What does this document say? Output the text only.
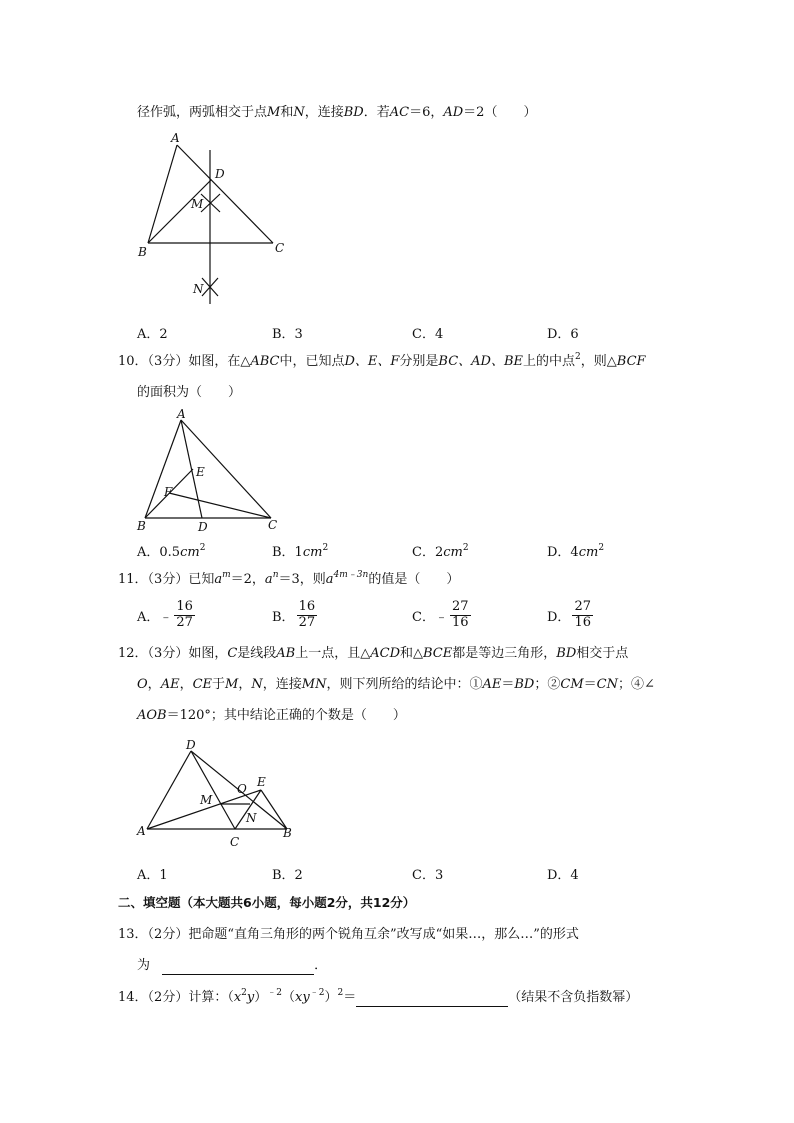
径作弧，两弧相交于点M和N，连接BD．若AC＝6，AD＝2（　　）
A
D
M
B	C
N
A．2	B．3	C．4	D．6
10．（3分）如图，在△ABC中，已知点D、E、F分别是BC、AD、BE上的中点$^2$，则△BCF
的面积为（　　）
A
E
F
B	D	C
A．$0.5cm^2$	B．$1cm^2$	C．$2cm^2$	D．$4cm^2$
11．（3分）已知$a^m=2$，$a^n=3$，则$a^{4m﹣3n}$的值是（　　）
A．﹣ $\frac{16}{27}$	B． $\frac{16}{27}$	C．﹣ $\frac{27}{16}$	D． $\frac{27}{16}$
12．（3分）如图，C是线段AB上一点，且△ACD和△BCE都是等边三角形，BD相交于点
O，AE，CE于M，N，连接MN，则下列所给的结论中：①AE＝BD；②CM＝CN；④∠
AOB＝120°；其中结论正确的个数是（　　）
D
E
O
M
N
A
C
B
A．1	B．2	C．3	D．4
二、填空题（本大题共6小题，每小题2分，共12分）
13．（2分）把命题“直角三角形的两个锐角互余”改写成“如果…，那么…”的形式
为	．
14．（2分）计算：$(x^2y)^{﹣2}(xy^{﹣2})^2=$	（结果不含负指数幂）
